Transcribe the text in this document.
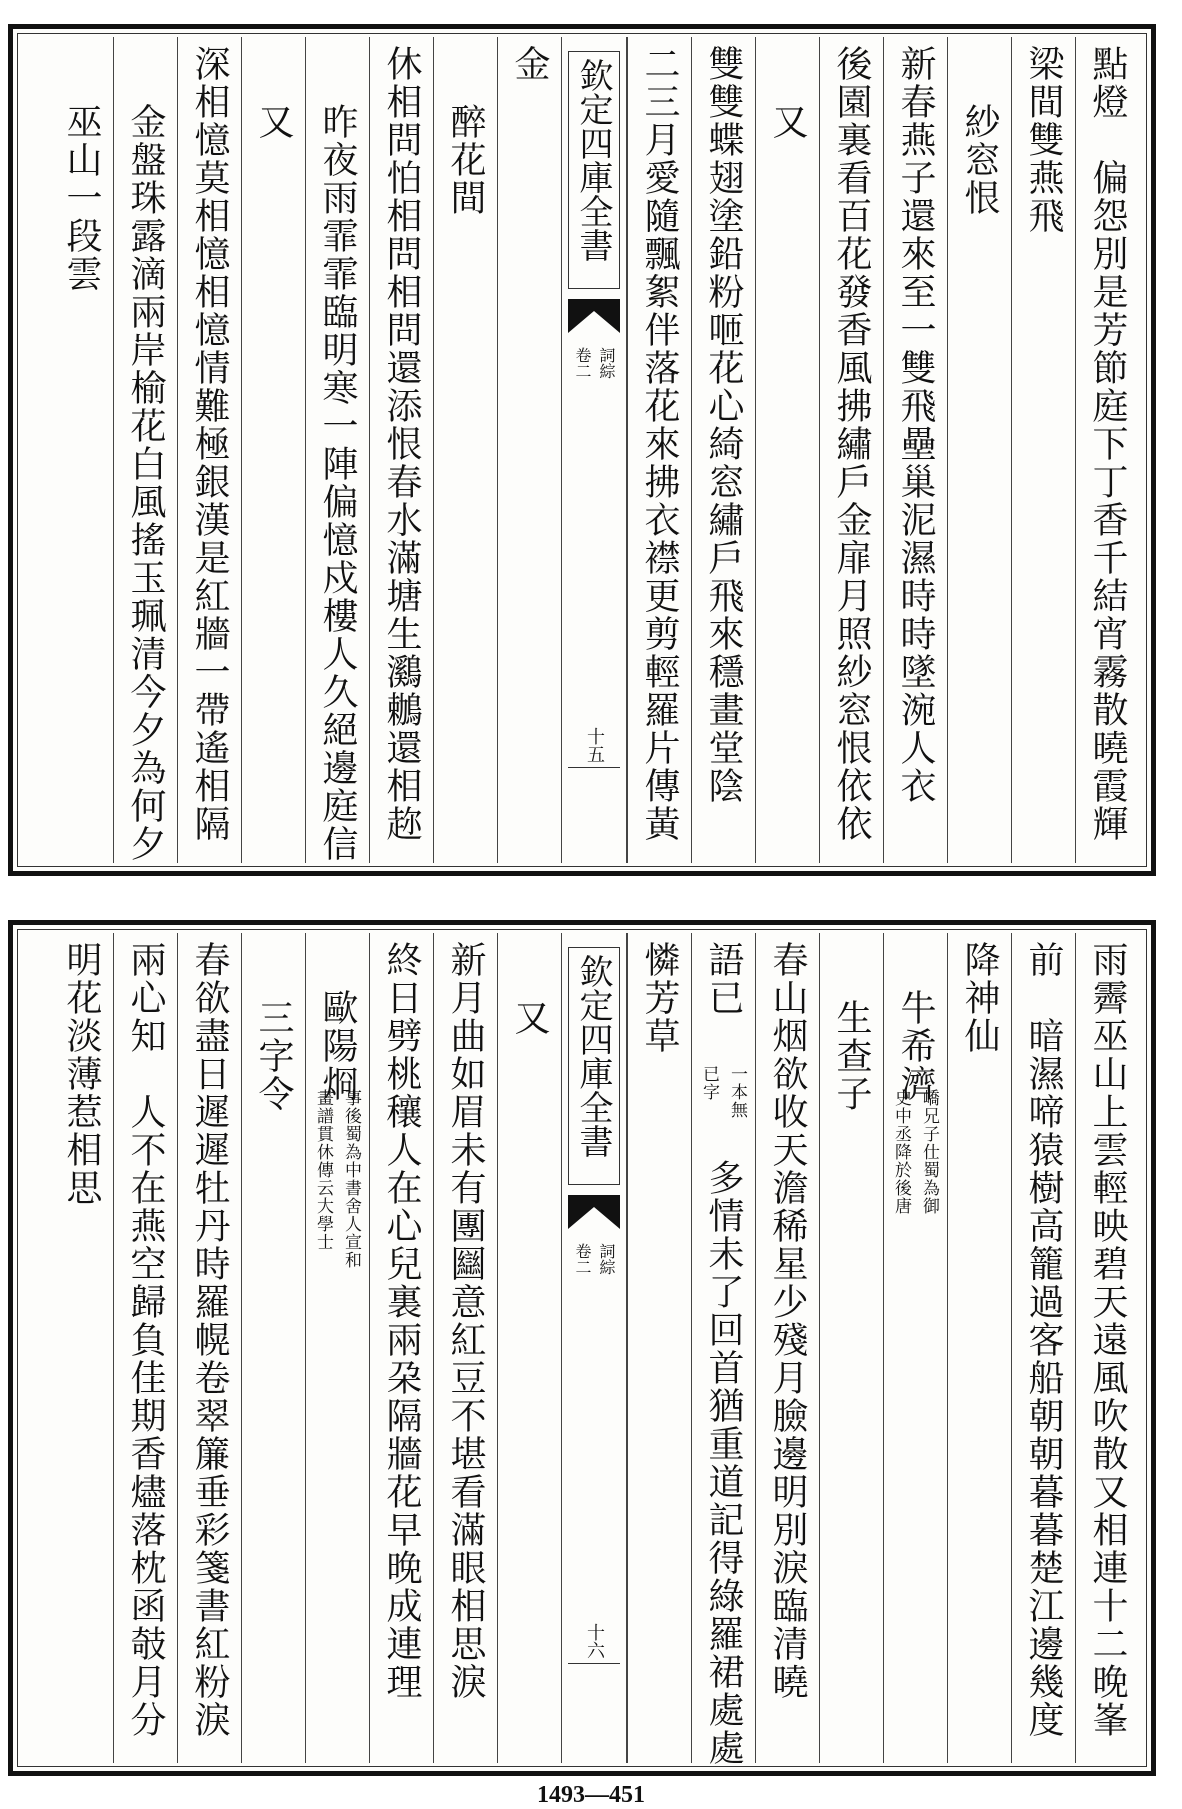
點燈　偏怨別是芳節庭下丁香千結宵霧散曉霞輝
梁間雙燕飛
紗窓恨
新春燕子還來至一雙飛壘巢泥濕時時墜涴人衣
後園裏看百花發香風拂繡戶金扉月照紗窓恨依依
又
雙雙蝶翅塗鉛粉咂花心綺窓繡戶飛來穩畫堂陰
二三月愛隨飄絮伴落花來拂衣襟更剪輕羅片傳黃
欽定四庫全書
詞綜
卷二
十五
金
醉花間
休相問怕相問相問還添恨春水滿塘生鸂鶒還相趂
昨夜雨霏霏臨明寒一陣偏憶戍樓人久絕邊庭信
又
深相憶莫相憶相憶情難極銀漢是紅牆一帶遙相隔
金盤珠露滴兩岸榆花白風搖玉珮清今夕為何夕
巫山一段雲
雨霽巫山上雲輕映碧天遠風吹散又相連十二晚峯
前　暗濕啼猿樹高籠過客船朝朝暮暮楚江邊幾度
降神仙
牛希濟
嶠兄子仕蜀為御
史中丞降於後唐
生查子
春山烟欲收天澹稀星少殘月臉邊明別淚臨清曉
語已
一本無
已字
多情未了回首猶重道記得綠羅裙處處
憐芳草
欽定四庫全書
詞綜
卷二
十六
又
新月曲如眉未有團圝意紅豆不堪看滿眼相思淚
終日劈桃穰人在心兒裏兩朶隔牆花早晚成連理
歐陽烱
事後蜀為中書舍人宣和
畫譜貫休傳云大學士
三字令
春欲盡日遲遲牡丹時羅幌卷翠簾垂彩箋書紅粉淚
兩心知　人不在燕空歸負佳期香燼落枕函攲月分
明花淡薄惹相思
1493—451
